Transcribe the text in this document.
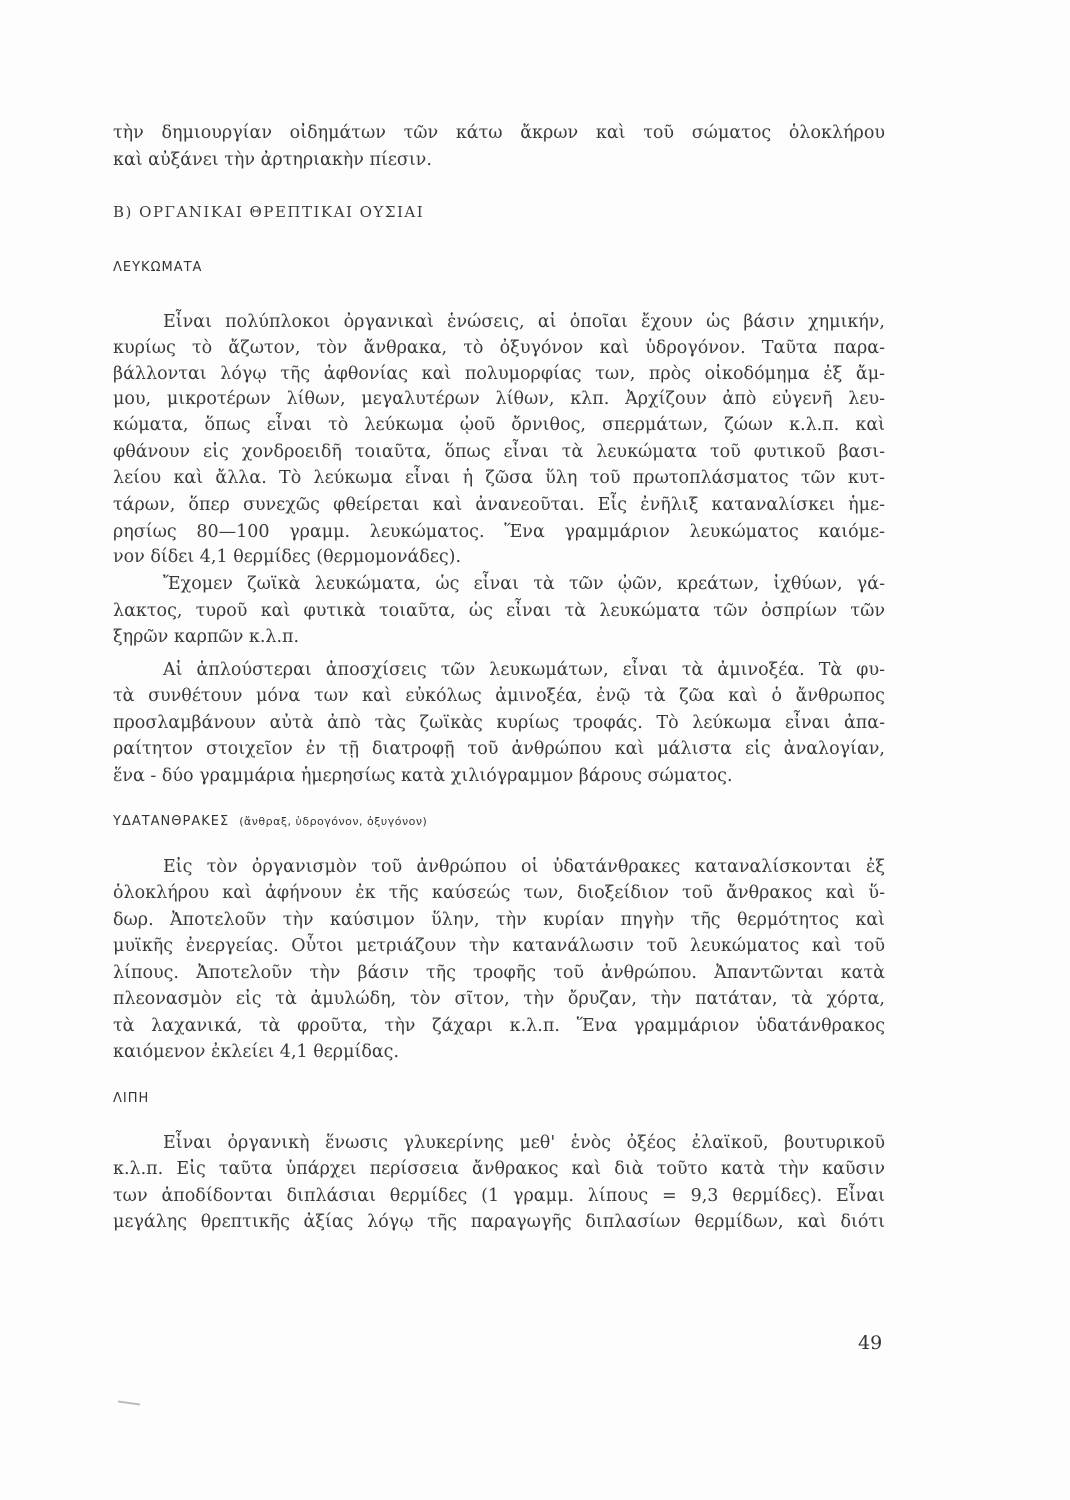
τὴν δημιουργίαν οἰδημάτων τῶν κάτω ἄκρων καὶ τοῦ σώματος ὁλοκλήρου
καὶ αὐξάνει τὴν ἀρτηριακὴν πίεσιν.
Β) ΟΡΓΑΝΙΚΑΙ ΘΡΕΠΤΙΚΑΙ ΟΥΣΙΑΙ
ΛΕΥΚΩΜΑΤΑ
Εἶναι πολύπλοκοι ὀργανικαὶ ἑνώσεις, αἱ ὁποῖαι ἔχουν ὡς βάσιν χημικήν,
κυρίως τὸ ἄζωτον, τὸν ἄνθρακα, τὸ ὀξυγόνον καὶ ὑδρογόνον. Ταῦτα παρα-
βάλλονται λόγῳ τῆς ἀφθονίας καὶ πολυμορφίας των, πρὸς οἰκοδόμημα ἐξ ἄμ-
μου, μικροτέρων λίθων, μεγαλυτέρων λίθων, κλπ. Ἀρχίζουν ἀπὸ εὐγενῆ λευ-
κώματα, ὅπως εἶναι τὸ λεύκωμα ᾠοῦ ὄρνιθος, σπερμάτων, ζώων κ.λ.π. καὶ
φθάνουν εἰς χονδροειδῆ τοιαῦτα, ὅπως εἶναι τὰ λευκώματα τοῦ φυτικοῦ βασι-
λείου καὶ ἄλλα. Τὸ λεύκωμα εἶναι ἡ ζῶσα ὕλη τοῦ πρωτοπλάσματος τῶν κυτ-
τάρων, ὅπερ συνεχῶς φθείρεται καὶ ἀνανεοῦται. Εἷς ἐνῆλιξ καταναλίσκει ἡμε-
ρησίως 80—100 γραμμ. λευκώματος. Ἕνα γραμμάριον λευκώματος καιόμε-
νον δίδει 4,1 θερμίδες (θερμομονάδες).
Ἔχομεν ζωϊκὰ λευκώματα, ὡς εἶναι τὰ τῶν ᾠῶν, κρεάτων, ἰχθύων, γά-
λακτος, τυροῦ καὶ φυτικὰ τοιαῦτα, ὡς εἶναι τὰ λευκώματα τῶν ὀσπρίων τῶν
ξηρῶν καρπῶν κ.λ.π.
Αἱ ἁπλούστεραι ἀποσχίσεις τῶν λευκωμάτων, εἶναι τὰ ἀμινοξέα. Τὰ φυ-
τὰ συνθέτουν μόνα των καὶ εὐκόλως ἀμινοξέα, ἐνῷ τὰ ζῶα καὶ ὁ ἄνθρωπος
προσλαμβάνουν αὐτὰ ἀπὸ τὰς ζωϊκὰς κυρίως τροφάς. Τὸ λεύκωμα εἶναι ἀπα-
ραίτητον στοιχεῖον ἐν τῇ διατροφῇ τοῦ ἀνθρώπου καὶ μάλιστα εἰς ἀναλογίαν,
ἕνα - δύο γραμμάρια ἡμερησίως κατὰ χιλιόγραμμον βάρους σώματος.
ΥΔΑΤΑΝΘΡΑΚΕΣ (ἄνθραξ, ὑδρογόνον, ὀξυγόνον)
Εἰς τὸν ὀργανισμὸν τοῦ ἀνθρώπου οἱ ὑδατάνθρακες καταναλίσκονται ἐξ
ὁλοκλήρου καὶ ἀφήνουν ἐκ τῆς καύσεώς των, διοξείδιον τοῦ ἄνθρακος καὶ ὕ-
δωρ. Ἀποτελοῦν τὴν καύσιμον ὕλην, τὴν κυρίαν πηγὴν τῆς θερμότητος καὶ
μυϊκῆς ἐνεργείας. Οὗτοι μετριάζουν τὴν κατανάλωσιν τοῦ λευκώματος καὶ τοῦ
λίπους. Ἀποτελοῦν τὴν βάσιν τῆς τροφῆς τοῦ ἀνθρώπου. Ἀπαντῶνται κατὰ
πλεονασμὸν εἰς τὰ ἀμυλώδη, τὸν σῖτον, τὴν ὄρυζαν, τὴν πατάταν, τὰ χόρτα,
τὰ λαχανικά, τὰ φροῦτα, τὴν ζάχαρι κ.λ.π. Ἕνα γραμμάριον ὑδατάνθρακος
καιόμενον ἐκλείει 4,1 θερμίδας.
ΛΙΠΗ
Εἶναι ὀργανικὴ ἕνωσις γλυκερίνης μεθ' ἑνὸς ὀξέος ἐλαϊκοῦ, βουτυρικοῦ
κ.λ.π. Εἰς ταῦτα ὑπάρχει περίσσεια ἄνθρακος καὶ διὰ τοῦτο κατὰ τὴν καῦσιν
των ἀποδίδονται διπλάσιαι θερμίδες (1 γραμμ. λίπους = 9,3 θερμίδες). Εἶναι
μεγάλης θρεπτικῆς ἀξίας λόγῳ τῆς παραγωγῆς διπλασίων θερμίδων, καὶ διότι
49
